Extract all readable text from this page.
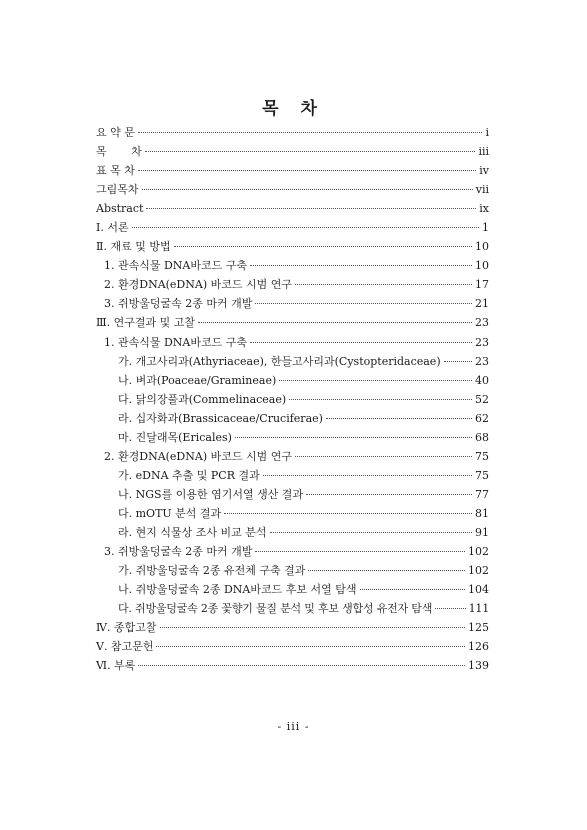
목 차
요 약 문	i
목       차	iii
표 목 차	iv
그림목차	vii
Abstract	ix
Ⅰ. 서론	1
Ⅱ. 재료 및 방법	10
1. 관속식물 DNA바코드 구축	10
2. 환경DNA(eDNA) 바코드 시범 연구	17
3. 쥐방울덩굴속 2종 마커 개발	21
Ⅲ. 연구결과 및 고찰	23
1. 관속식물 DNA바코드 구축	23
가. 개고사리과(Athyriaceae), 한들고사리과(Cystopteridaceae)	23
나. 벼과(Poaceae/Gramineae)	40
다. 닭의장풀과(Commelinaceae)	52
라. 십자화과(Brassicaceae/Cruciferae)	62
마. 진달래목(Ericales)	68
2. 환경DNA(eDNA) 바코드 시범 연구	75
가. eDNA 추출 및 PCR 결과	75
나. NGS를 이용한 염기서열 생산 결과	77
다. mOTU 분석 결과	81
라. 현지 식물상 조사 비교 분석	91
3. 쥐방울덩굴속 2종 마커 개발	102
가. 쥐방울덩굴속 2종 유전체 구축 결과	102
나. 쥐방울덩굴속 2종 DNA바코드 후보 서열 탐색	104
다. 쥐방울덩굴속 2종 꽃향기 물질 분석 및 후보 생합성 유전자 탐색	111
Ⅳ. 종합고찰	125
Ⅴ. 참고문헌	126
Ⅵ. 부록	139
- iii -
